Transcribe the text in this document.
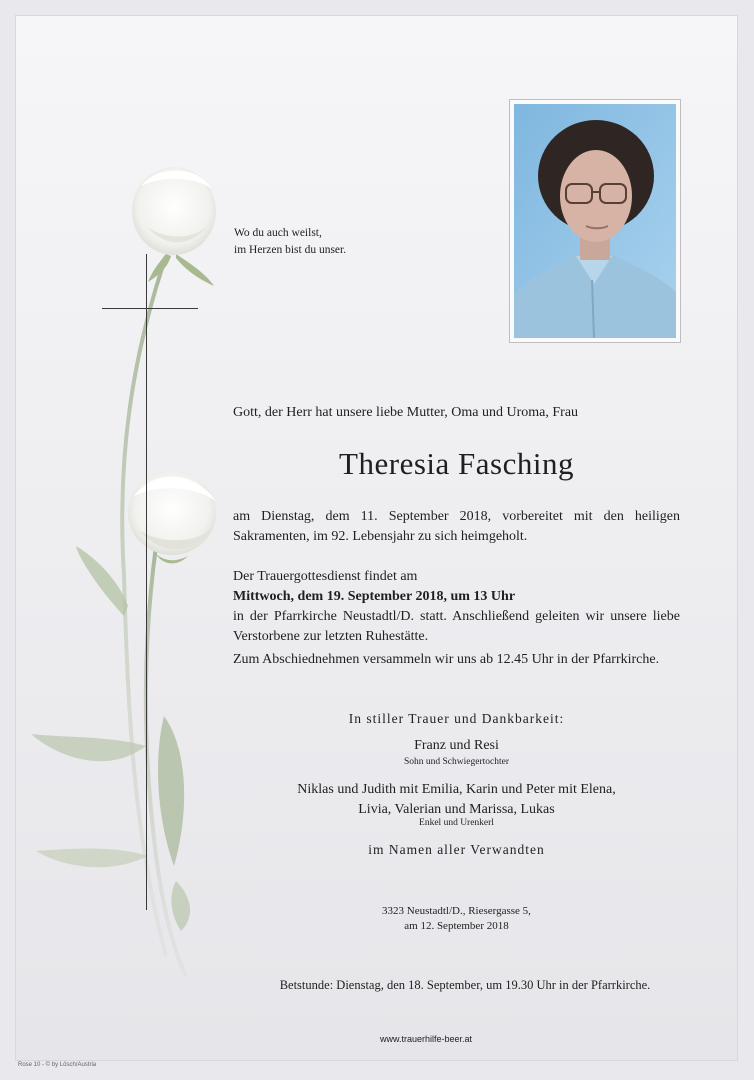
Wo du auch weilst,
im Herzen bist du unser.
Gott, der Herr hat unsere liebe Mutter, Oma und Uroma, Frau
Theresia Fasching
am Dienstag, dem 11. September 2018, vorbereitet mit den heiligen Sakramenten, im 92. Lebensjahr zu sich heimgeholt.
Der Trauergottesdienst findet am
Mittwoch, dem 19. September 2018, um 13 Uhr
in der Pfarrkirche Neustadtl/D. statt. Anschließend geleiten wir unsere liebe Verstorbene zur letzten Ruhestätte.
Zum Abschiednehmen versammeln wir uns ab 12.45 Uhr in der Pfarrkirche.
In stiller Trauer und Dankbarkeit:
Franz und Resi
Sohn und Schwiegertochter
Niklas und Judith mit Emilia, Karin und Peter mit Elena,
Livia, Valerian und Marissa, Lukas
Enkel und Urenkerl
im Namen aller Verwandten
3323 Neustadtl/D., Riesergasse 5,
am 12. September 2018
Betstunde: Dienstag, den 18. September, um 19.30 Uhr in der Pfarrkirche.
www.trauerhilfe-beer.at
Rose 10 - © by Lösch/Austria
